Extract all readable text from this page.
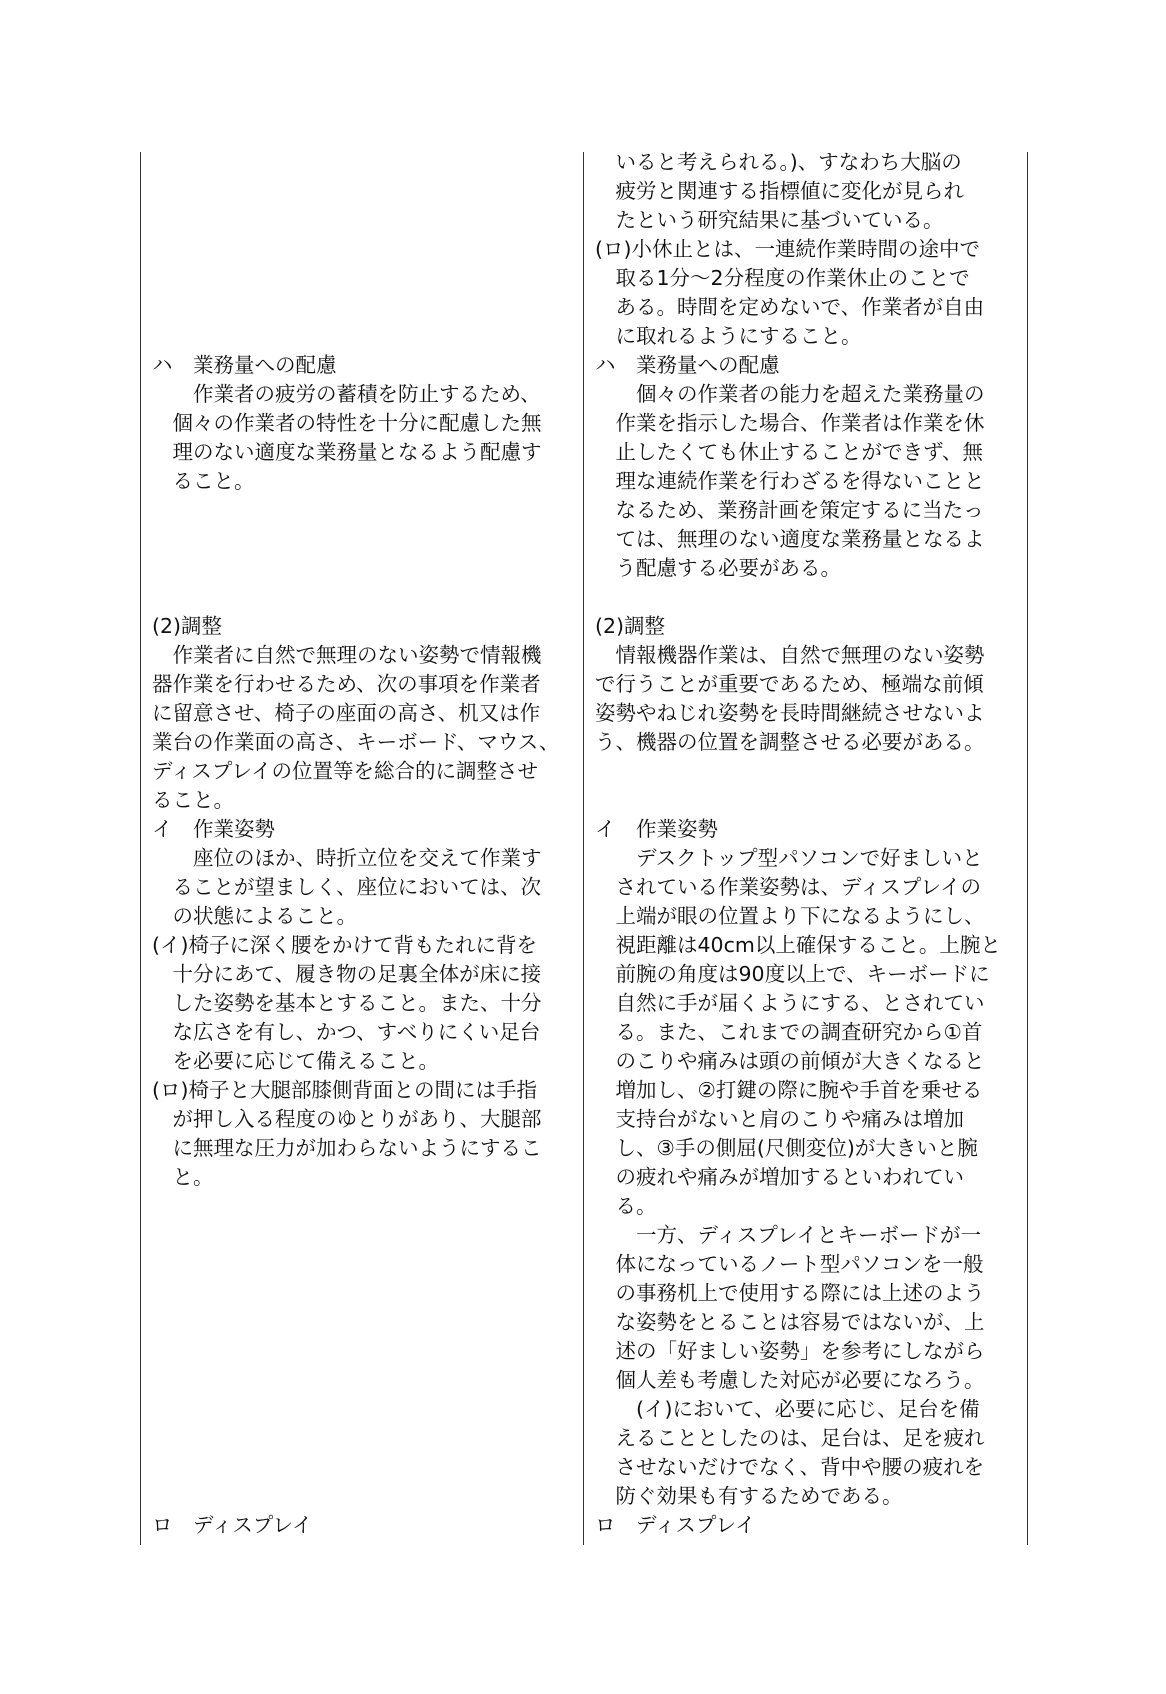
ハ　業務量への配慮
　　作業者の疲労の蓄積を防止するため、
　個々の作業者の特性を十分に配慮した無
　理のない適度な業務量となるよう配慮す
　ること。
(2)調整
　作業者に自然で無理のない姿勢で情報機
器作業を行わせるため、次の事項を作業者
に留意させ、椅子の座面の高さ、机又は作
業台の作業面の高さ、キーボード、マウス、
ディスプレイの位置等を総合的に調整させ
ること。
イ　作業姿勢
　　座位のほか、時折立位を交えて作業す
　ることが望ましく、座位においては、次
　の状態によること。
(イ)椅子に深く腰をかけて背もたれに背を
　十分にあて、履き物の足裏全体が床に接
　した姿勢を基本とすること。また、十分
　な広さを有し、かつ、すべりにくい足台
　を必要に応じて備えること。
(ロ)椅子と大腿部膝側背面との間には手指
　が押し入る程度のゆとりがあり、大腿部
　に無理な圧力が加わらないようにするこ
　と。
ロ　ディスプレイ
　いると考えられる。)、すなわち大脳の
　疲労と関連する指標値に変化が見られ
　たという研究結果に基づいている。
(ロ)小休止とは、一連続作業時間の途中で
　取る1分～2分程度の作業休止のことで
　ある。時間を定めないで、作業者が自由
　に取れるようにすること。
ハ　業務量への配慮
　　個々の作業者の能力を超えた業務量の
　作業を指示した場合、作業者は作業を休
　止したくても休止することができず、無
　理な連続作業を行わざるを得ないことと
　なるため、業務計画を策定するに当たっ
　ては、無理のない適度な業務量となるよ
　う配慮する必要がある。
(2)調整
　情報機器作業は、自然で無理のない姿勢
で行うことが重要であるため、極端な前傾
姿勢やねじれ姿勢を長時間継続させないよ
う、機器の位置を調整させる必要がある。
イ　作業姿勢
　　デスクトップ型パソコンで好ましいと
　されている作業姿勢は、ディスプレイの
　上端が眼の位置より下になるようにし、
　視距離は40cm以上確保すること。上腕と
　前腕の角度は90度以上で、キーボードに
　自然に手が届くようにする、とされてい
　る。また、これまでの調査研究から①首
　のこりや痛みは頭の前傾が大きくなると
　増加し、②打鍵の際に腕や手首を乗せる
　支持台がないと肩のこりや痛みは増加
　し、③手の側屈(尺側変位)が大きいと腕
　の疲れや痛みが増加するといわれてい
　る。
　　一方、ディスプレイとキーボードが一
　体になっているノート型パソコンを一般
　の事務机上で使用する際には上述のよう
　な姿勢をとることは容易ではないが、上
　述の「好ましい姿勢」を参考にしながら
　個人差も考慮した対応が必要になろう。
　　(イ)において、必要に応じ、足台を備
　えることとしたのは、足台は、足を疲れ
　させないだけでなく、背中や腰の疲れを
　防ぐ効果も有するためである。
ロ　ディスプレイ
